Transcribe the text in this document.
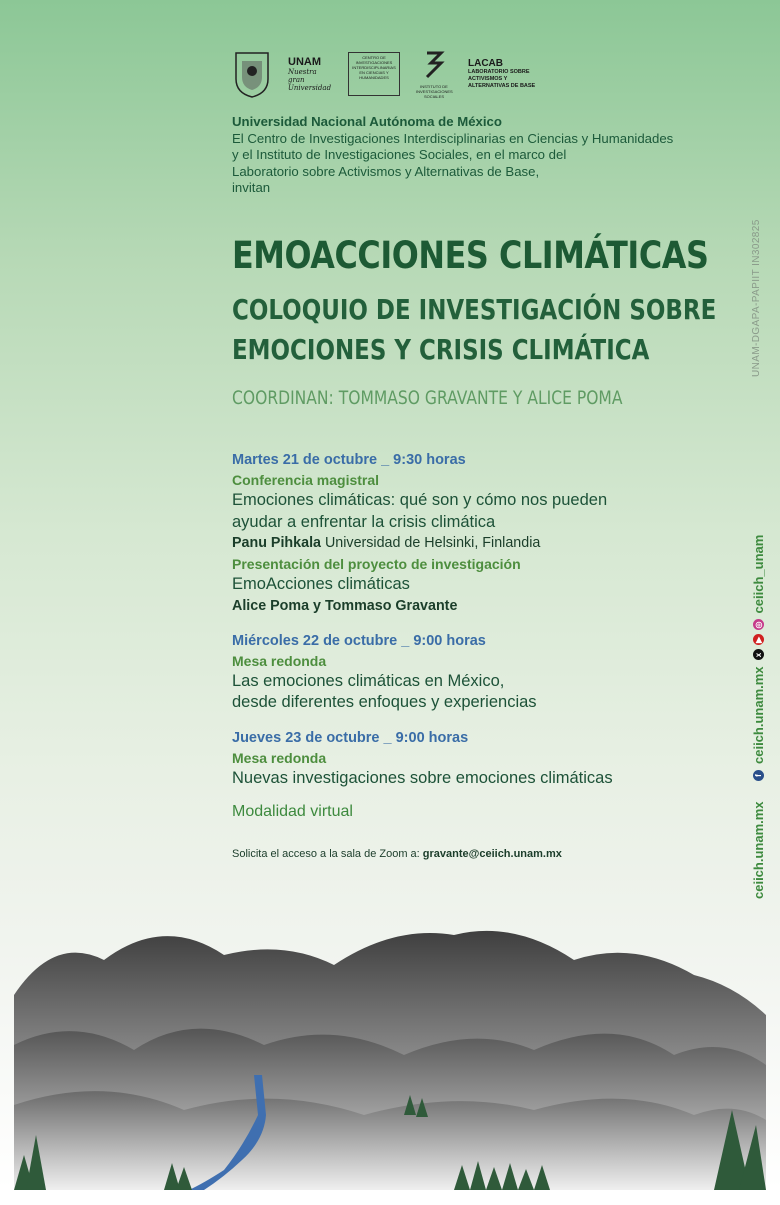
UNAM
Nuestra gran Universidad
CENTRO DE INVESTIGACIONES INTERDISCIPLINARIAS EN CIENCIAS Y HUMANIDADES
INSTITUTO DE INVESTIGACIONES SOCIALES
LACAB
LABORATORIO SOBRE ACTIVISMOS Y ALTERNATIVAS DE BASE
Universidad Nacional Autónoma de México
El Centro de Investigaciones Interdisciplinarias en Ciencias y Humanidades
y el Instituto de Investigaciones Sociales, en el marco del
Laboratorio sobre Activismos y Alternativas de Base,
invitan
EMOACCIONES CLIMÁTICAS
COLOQUIO DE INVESTIGACIÓN SOBRE
EMOCIONES Y CRISIS CLIMÁTICA
COORDINAN: TOMMASO GRAVANTE Y ALICE POMA
Martes 21 de octubre _ 9:30 horas
Conferencia magistral
Emociones climáticas: qué son y cómo nos pueden
ayudar a enfrentar la crisis climática
Panu Pihkala Universidad de Helsinki, Finlandia
Presentación del proyecto de investigación
EmoAcciones climáticas
Alice Poma y Tommaso Gravante
Miércoles 22 de octubre _ 9:00 horas
Mesa redonda
Las emociones climáticas en México,
desde diferentes enfoques y experiencias
Jueves 23 de octubre _ 9:00 horas
Mesa redonda
Nuevas investigaciones sobre emociones climáticas
Modalidad virtual
Solicita el acceso a la sala de Zoom a: gravante@ceiich.unam.mx
UNAM-DGAPA-PAPIIT IN302825
f
ceiich.unam.mx
x
▶
◎
ceiich_unam
ceiich.unam.mx
